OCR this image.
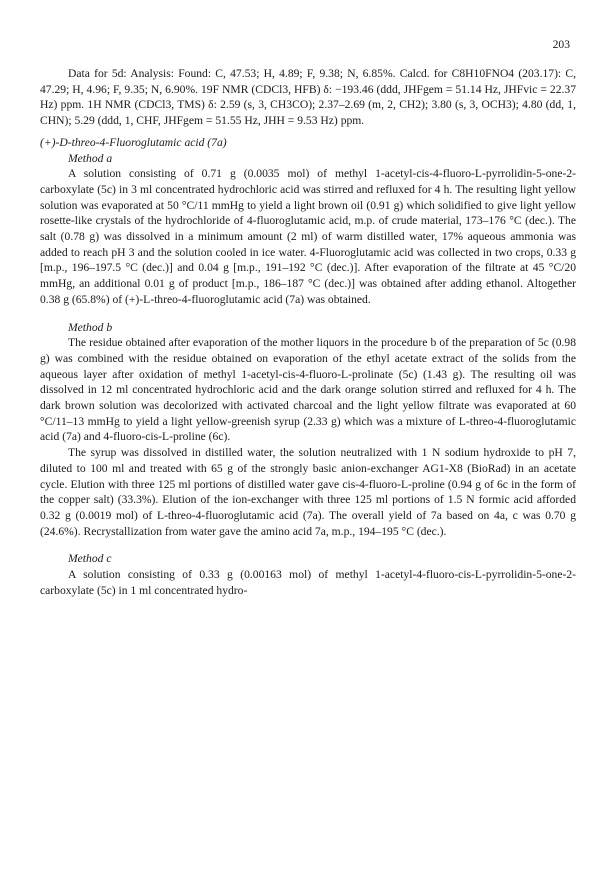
203

Data for 5d: Analysis: Found: C, 47.53; H, 4.89; F, 9.38; N, 6.85%. Calcd. for C8H10FNO4 (203.17): C, 47.29; H, 4.96; F, 9.35; N, 6.90%. 19F NMR (CDCl3, HFB) δ: −193.46 (ddd, JHFgem = 51.14 Hz, JHFvic = 22.37 Hz) ppm. 1H NMR (CDCl3, TMS) δ: 2.59 (s, 3, CH3CO); 2.37–2.69 (m, 2, CH2); 3.80 (s, 3, OCH3); 4.80 (dd, 1, CHN); 5.29 (ddd, 1, CHF, JHFgem = 51.55 Hz, JHH = 9.53 Hz) ppm.

(+)-D-threo-4-Fluoroglutamic acid (7a)

Method a

A solution consisting of 0.71 g (0.0035 mol) of methyl 1-acetyl-cis-4-fluoro-L-pyrrolidin-5-one-2-carboxylate (5c) in 3 ml concentrated hydrochloric acid was stirred and refluxed for 4 h. The resulting light yellow solution was evaporated at 50 °C/11 mmHg to yield a light brown oil (0.91 g) which solidified to give light yellow rosette-like crystals of the hydrochloride of 4-fluoroglutamic acid, m.p. of crude material, 173–176 °C (dec.). The salt (0.78 g) was dissolved in a minimum amount (2 ml) of warm distilled water, 17% aqueous ammonia was added to reach pH 3 and the solution cooled in ice water. 4-Fluoroglutamic acid was collected in two crops, 0.33 g [m.p., 196–197.5 °C (dec.)] and 0.04 g [m.p., 191–192 °C (dec.)]. After evaporation of the filtrate at 45 °C/20 mmHg, an additional 0.01 g of product [m.p., 186–187 °C (dec.)] was obtained after adding ethanol. Altogether 0.38 g (65.8%) of (+)-L-threo-4-fluoroglutamic acid (7a) was obtained.

Method b

The residue obtained after evaporation of the mother liquors in the procedure b of the preparation of 5c (0.98 g) was combined with the residue obtained on evaporation of the ethyl acetate extract of the solids from the aqueous layer after oxidation of methyl 1-acetyl-cis-4-fluoro-L-prolinate (5c) (1.43 g). The resulting oil was dissolved in 12 ml concentrated hydrochloric acid and the dark orange solution stirred and refluxed for 4 h. The dark brown solution was decolorized with activated charcoal and the light yellow filtrate was evaporated at 60 °C/11–13 mmHg to yield a light yellow-greenish syrup (2.33 g) which was a mixture of L-threo-4-fluoroglutamic acid (7a) and 4-fluoro-cis-L-proline (6c).

The syrup was dissolved in distilled water, the solution neutralized with 1 N sodium hydroxide to pH 7, diluted to 100 ml and treated with 65 g of the strongly basic anion-exchanger AG1-X8 (BioRad) in an acetate cycle. Elution with three 125 ml portions of distilled water gave cis-4-fluoro-L-proline (0.94 g of 6c in the form of the copper salt) (33.3%). Elution of the ion-exchanger with three 125 ml portions of 1.5 N formic acid afforded 0.32 g (0.0019 mol) of L-threo-4-fluoroglutamic acid (7a). The overall yield of 7a based on 4a, c was 0.70 g (24.6%). Recrystallization from water gave the amino acid 7a, m.p., 194–195 °C (dec.).

Method c

A solution consisting of 0.33 g (0.00163 mol) of methyl 1-acetyl-4-fluoro-cis-L-pyrrolidin-5-one-2-carboxylate (5c) in 1 ml concentrated hydro-
